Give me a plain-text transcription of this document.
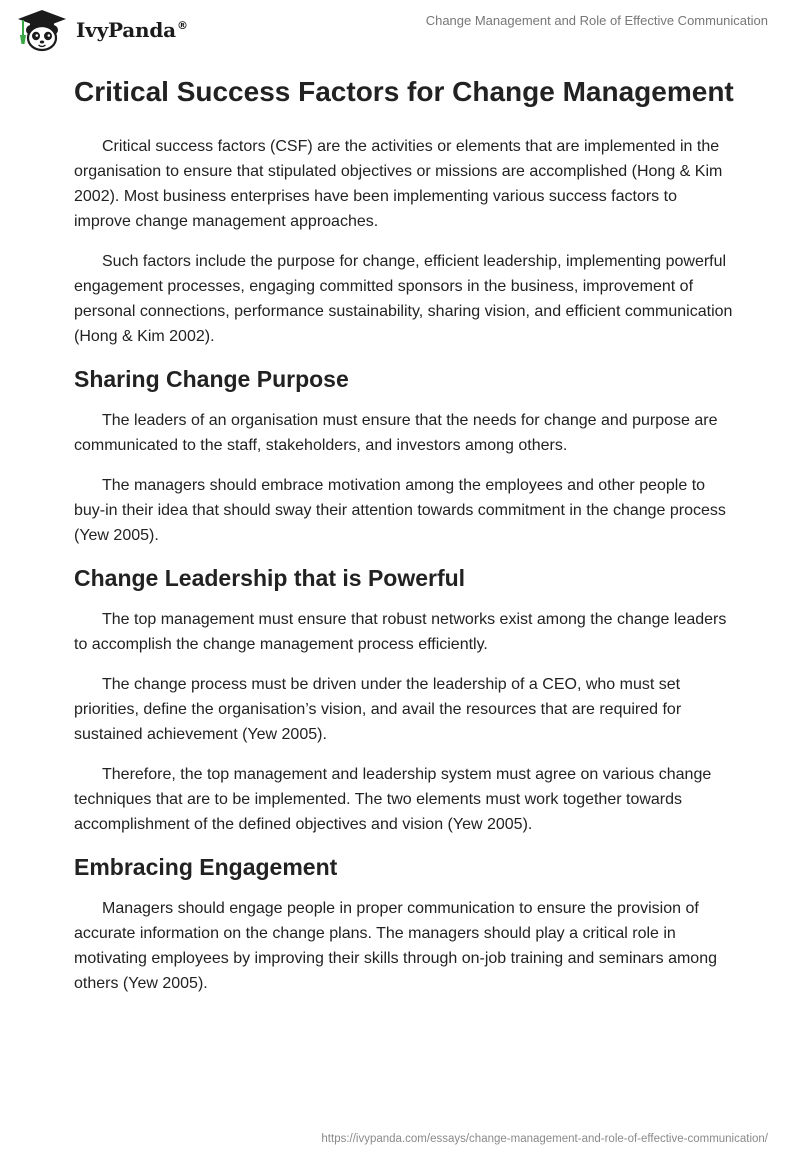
IvyPanda®	Change Management and Role of Effective Communication
Critical Success Factors for Change Management

Critical success factors (CSF) are the activities or elements that are implemented in the organisation to ensure that stipulated objectives or missions are accomplished (Hong & Kim 2002). Most business enterprises have been implementing various success factors to improve change management approaches.

Such factors include the purpose for change, efficient leadership, implementing powerful engagement processes, engaging committed sponsors in the business, improvement of personal connections, performance sustainability, sharing vision, and efficient communication (Hong & Kim 2002).

Sharing Change Purpose

The leaders of an organisation must ensure that the needs for change and purpose are communicated to the staff, stakeholders, and investors among others.

The managers should embrace motivation among the employees and other people to buy-in their idea that should sway their attention towards commitment in the change process (Yew 2005).

Change Leadership that is Powerful

The top management must ensure that robust networks exist among the change leaders to accomplish the change management process efficiently.

The change process must be driven under the leadership of a CEO, who must set priorities, define the organisation’s vision, and avail the resources that are required for sustained achievement (Yew 2005).

Therefore, the top management and leadership system must agree on various change techniques that are to be implemented. The two elements must work together towards accomplishment of the defined objectives and vision (Yew 2005).

Embracing Engagement

Managers should engage people in proper communication to ensure the provision of accurate information on the change plans. The managers should play a critical role in motivating employees by improving their skills through on-job training and seminars among others (Yew 2005).

https://ivypanda.com/essays/change-management-and-role-of-effective-communication/
